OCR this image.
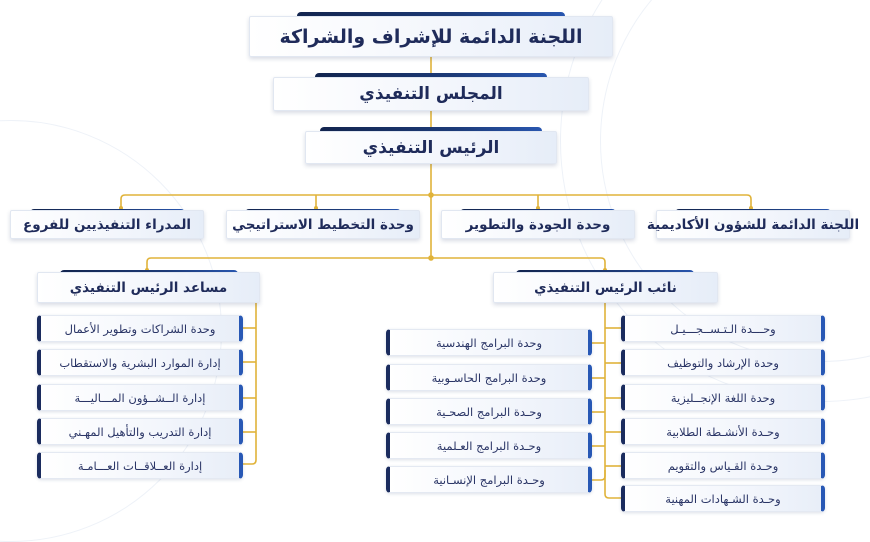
اللجنة الدائمة للإشراف والشراكة
المجلس التنفيذي
الرئيس التنفيذي
المدراء التنفيذيين للفروع	وحدة التخطيط الاستراتيجي	وحدة الجودة والتطوير	اللجنة الدائمة للشؤون الأكاديمية
مساعد الرئيس التنفيذي	نائب الرئيس التنفيذي
وحدة الشراكات وتطوير الأعمال
إدارة الموارد البشرية والاستقطاب
إدارة الــشــؤون المـــاليـــة
إدارة التدريب والتأهيل المهـني
إدارة العــلاقــات العـــامـة
وحدة البرامج الهندسية
وحدة البرامج الحاسـوبية
وحـدة البرامج الصحـية
وحـدة البرامج العـلمية
وحـدة البرامج الإنسـانية
وحـــدة الـتـســجـــيـل
وحدة الإرشاد والتوظيف
وحدة اللغة الإنجــليزية
وحـدة الأنشـطة الطلابية
وحـدة القـياس والتقويم
وحـدة الشـهادات المهنية
